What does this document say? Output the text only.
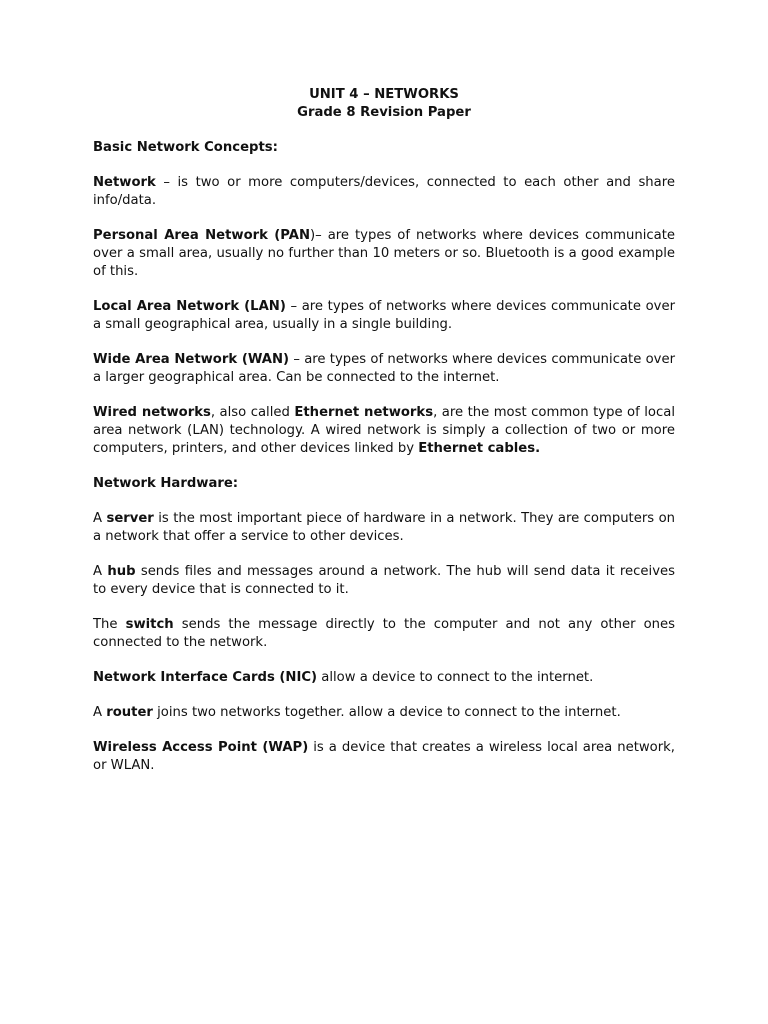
UNIT 4 – NETWORKS
Grade 8 Revision Paper
Basic Network Concepts:

Network – is two or more computers/devices, connected to each other and share info/data.

Personal Area Network (PAN)– are types of networks where devices communicate over a small area, usually no further than 10 meters or so. Bluetooth is a good example of this.

Local Area Network (LAN) – are types of networks where devices communicate over a small geographical area, usually in a single building.

Wide Area Network (WAN) – are types of networks where devices communicate over a larger geographical area. Can be connected to the internet.

Wired networks, also called Ethernet networks, are the most common type of local area network (LAN) technology. A wired network is simply a collection of two or more computers, printers, and other devices linked by Ethernet cables.

Network Hardware:

A server is the most important piece of hardware in a network. They are computers on a network that offer a service to other devices.

A hub sends files and messages around a network. The hub will send data it receives to every device that is connected to it.

The switch sends the message directly to the computer and not any other ones connected to the network.

Network Interface Cards (NIC) allow a device to connect to the internet.

A router joins two networks together. allow a device to connect to the internet.

Wireless Access Point (WAP) is a device that creates a wireless local area network, or WLAN.
